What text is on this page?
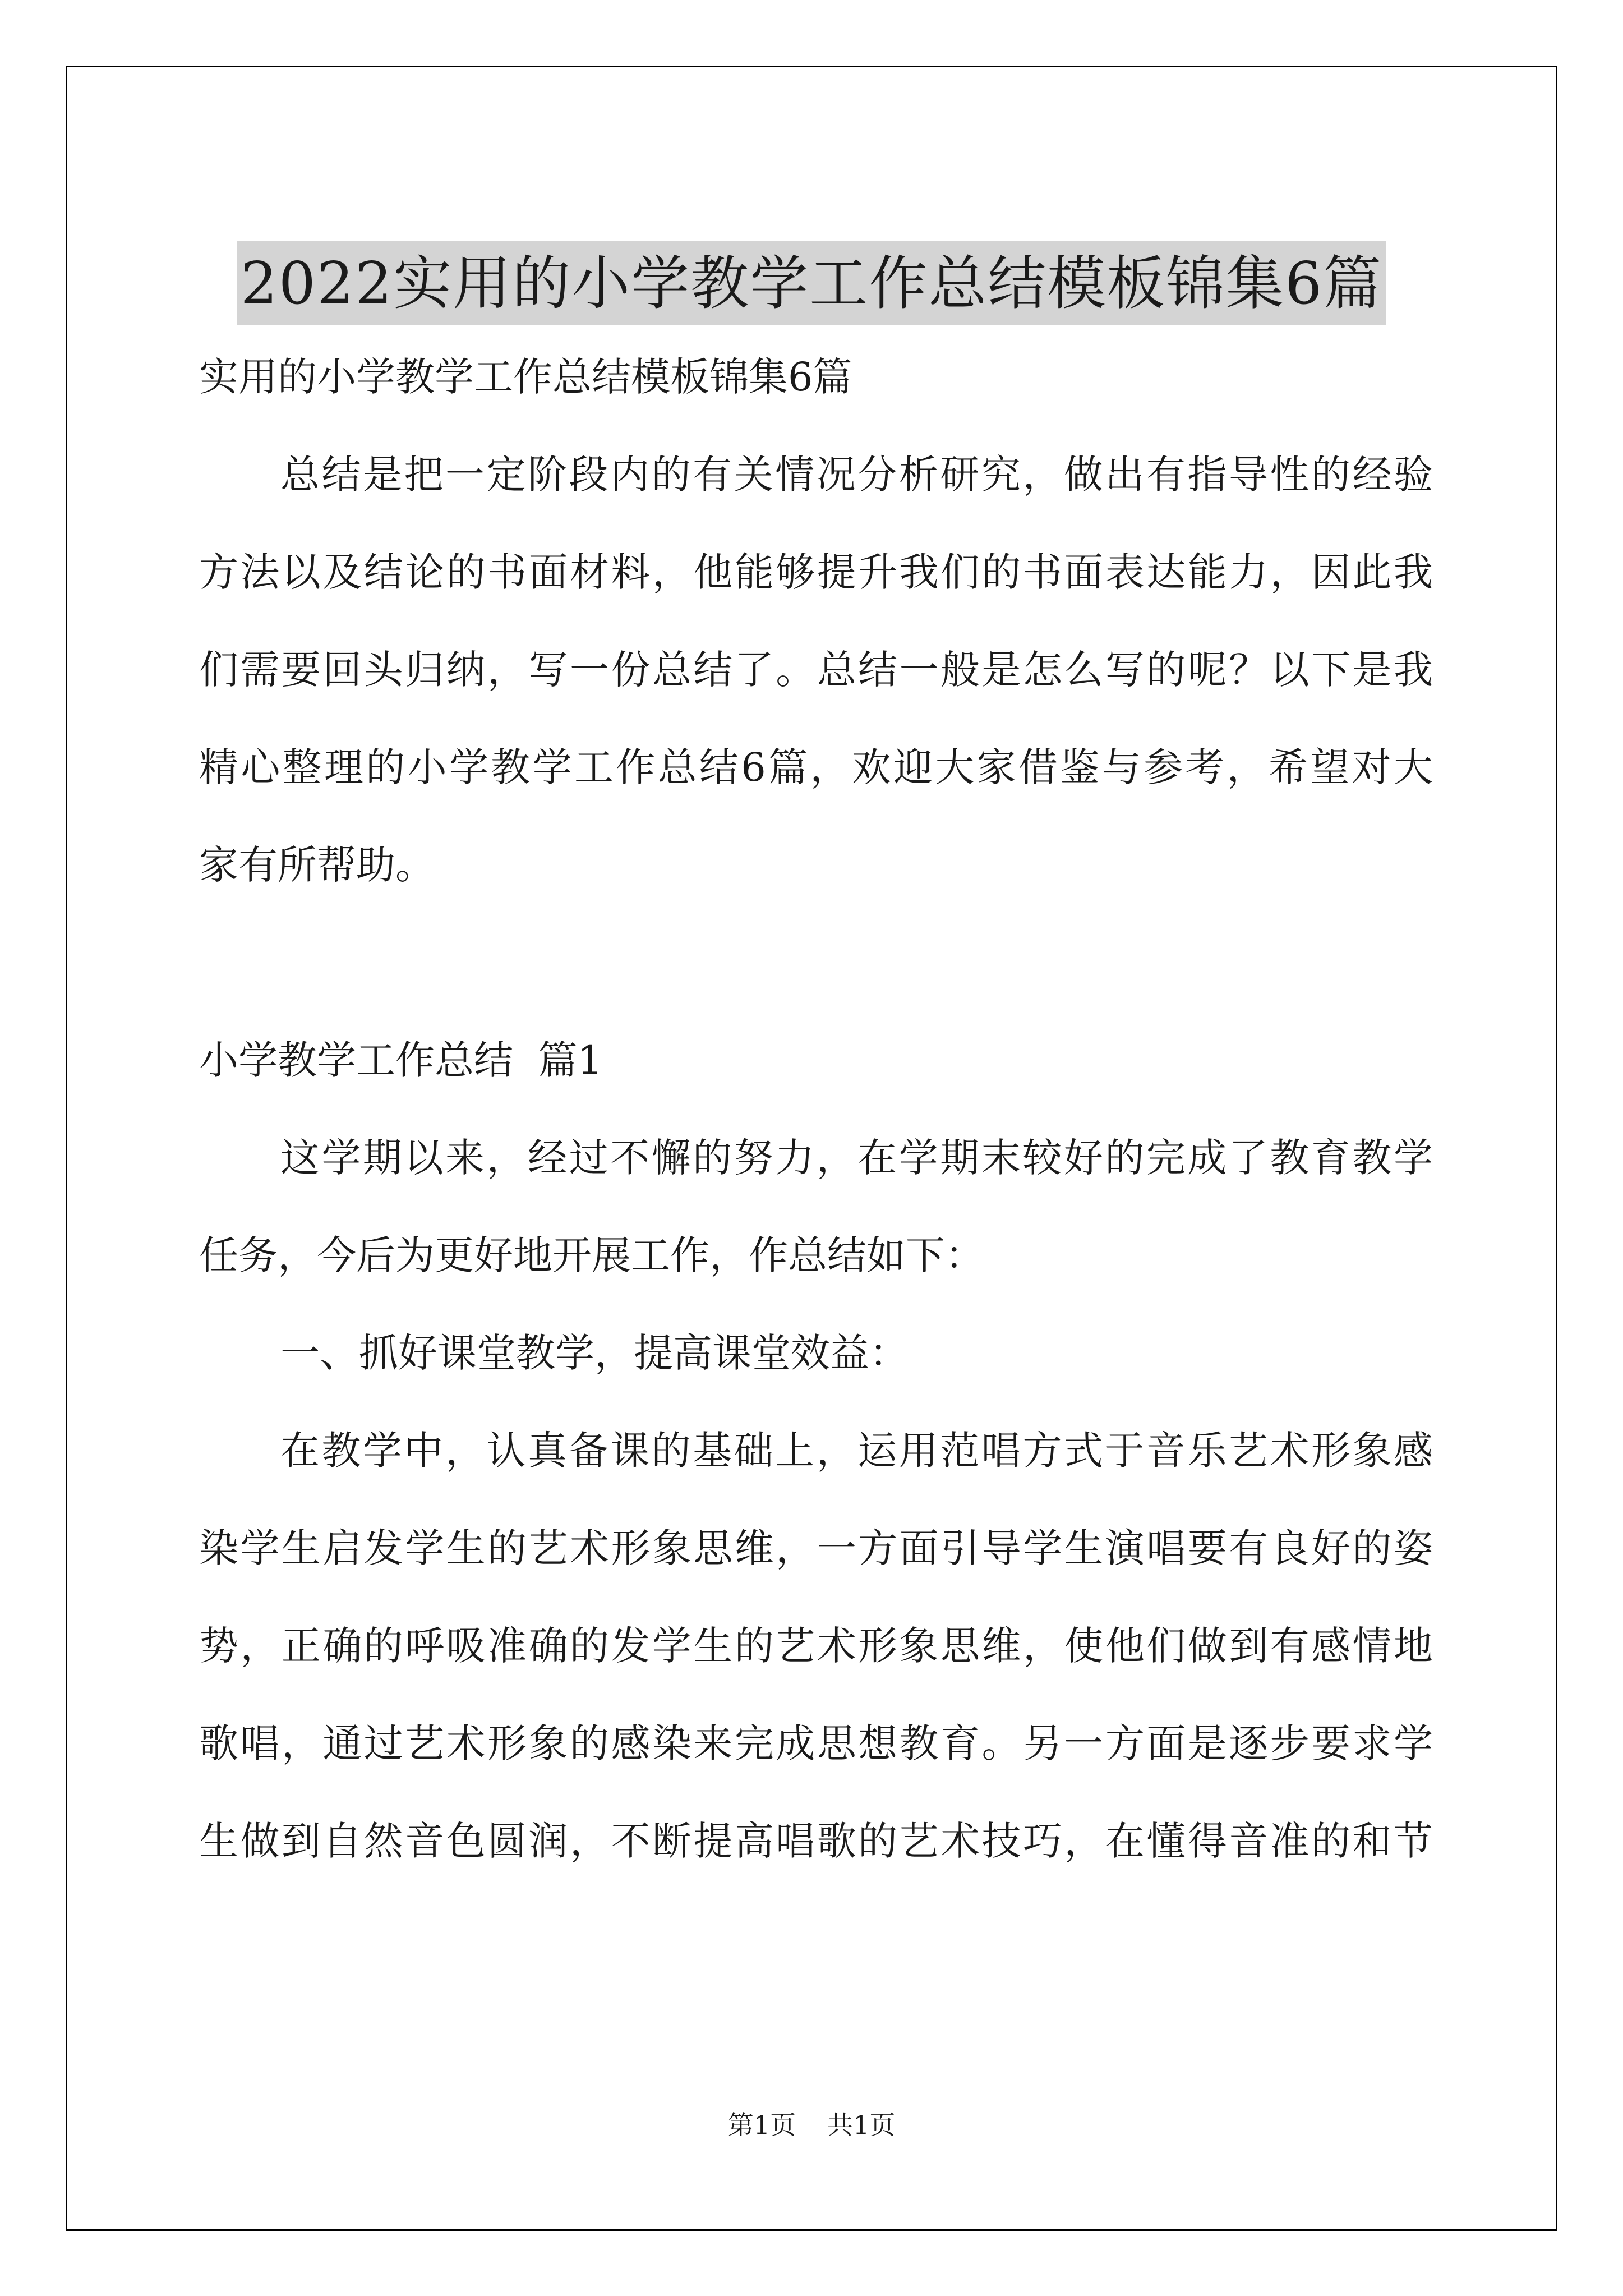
2022实用的小学教学工作总结模板锦集6篇
实用的小学教学工作总结模板锦集6篇
总结是把一定阶段内的有关情况分析研究，做出有指导性的经验
方法以及结论的书面材料，他能够提升我们的书面表达能力，因此我
们需要回头归纳，写一份总结了。总结一般是怎么写的呢？以下是我
精心整理的小学教学工作总结6篇，欢迎大家借鉴与参考，希望对大
家有所帮助。
小学教学工作总结  篇1
这学期以来，经过不懈的努力，在学期末较好的完成了教育教学
任务，今后为更好地开展工作，作总结如下：
一、抓好课堂教学，提高课堂效益：
在教学中，认真备课的基础上，运用范唱方式于音乐艺术形象感
染学生启发学生的艺术形象思维，一方面引导学生演唱要有良好的姿
势，正确的呼吸准确的发学生的艺术形象思维，使他们做到有感情地
歌唱，通过艺术形象的感染来完成思想教育。另一方面是逐步要求学
生做到自然音色圆润，不断提高唱歌的艺术技巧，在懂得音准的和节
第1页 共1页
